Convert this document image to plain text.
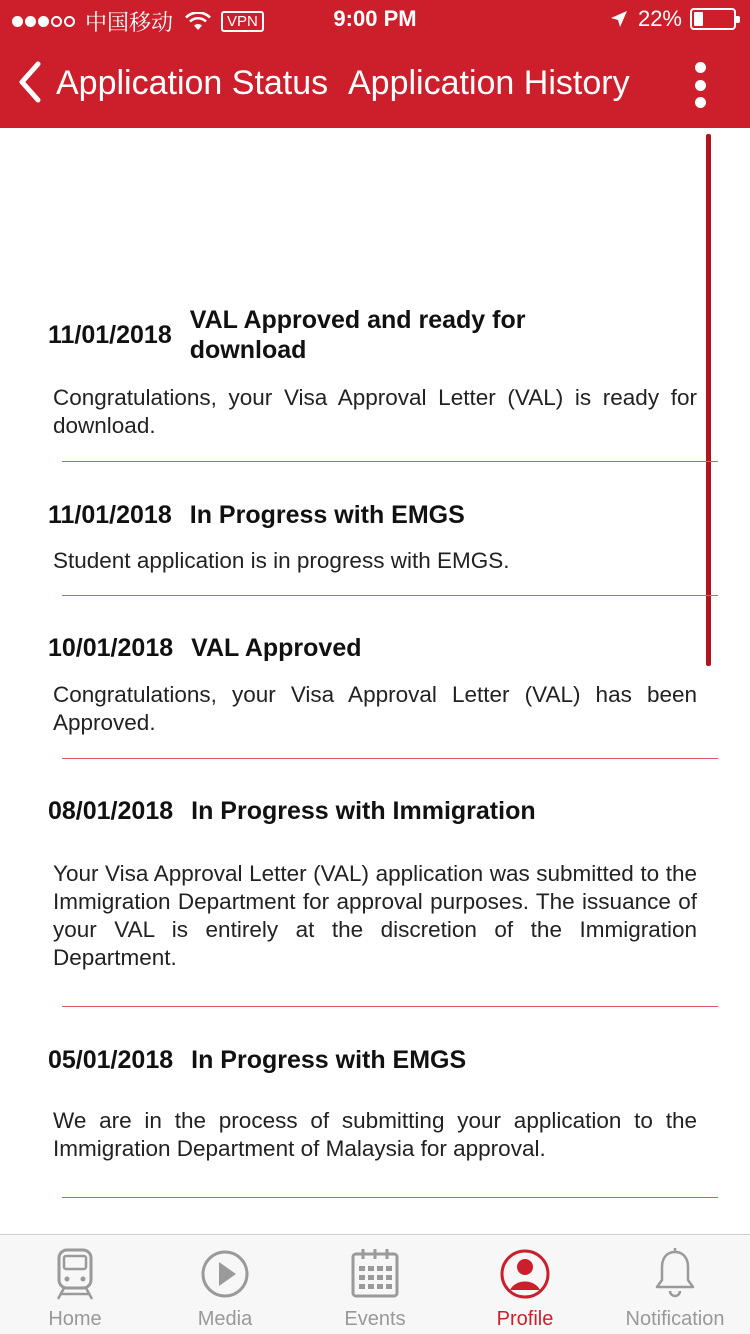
中国移动	VPN	9:00 PM	22%
Application Status Application History
11/01/2018
VAL Approved and ready for download
Congratulations, your Visa Approval Letter (VAL) is ready for download.
11/01/2018 In Progress with EMGS
Student application is in progress with EMGS.
10/01/2018 VAL Approved
Congratulations, your Visa Approval Letter (VAL) has been Approved.
08/01/2018 In Progress with Immigration
Your Visa Approval Letter (VAL) application was submitted to the Immigration Department for approval purposes. The issuance of your VAL is entirely at the discretion of the Immigration Department.
05/01/2018 In Progress with EMGS
We are in the process of submitting your application to the Immigration Department of Malaysia for approval.
Home	Media	Events	Profile	Notification
